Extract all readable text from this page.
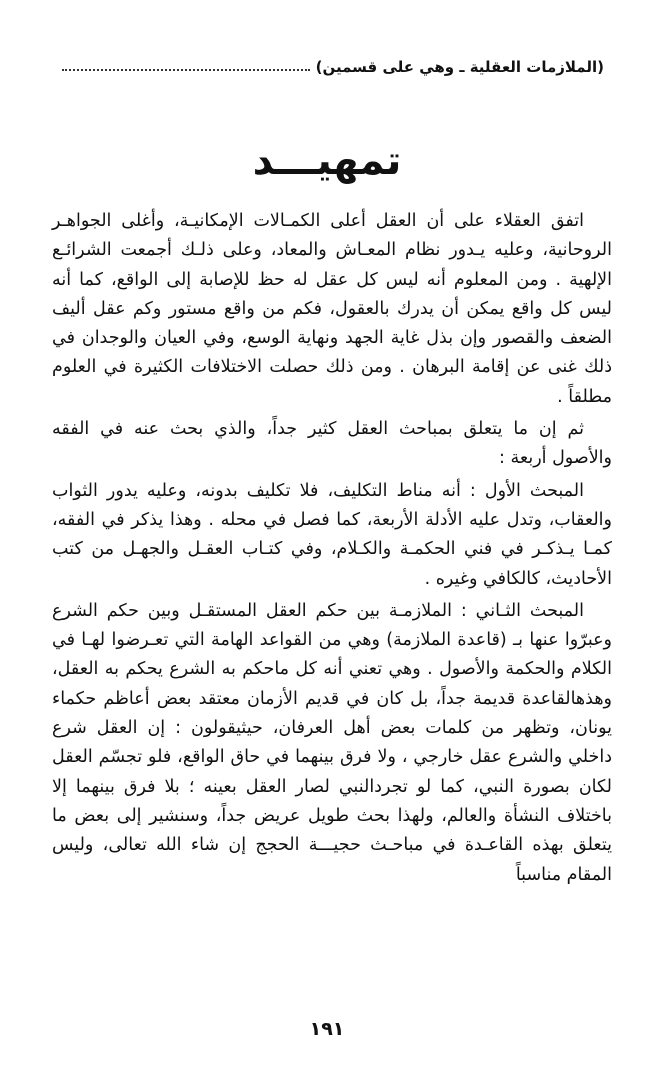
(الملازمات العقلية ـ وهي على قسمين)
تمهيـــد

اتفق العقلاء على أن العقل أعلى الكمـالات الإمكانيـة، وأغلى الجواهـر الروحانية، وعليه يـدور نظام المعـاش والمعاد، وعلى ذلـك أجمعت الشرائـع الإلهية . ومن المعلوم أنه ليس كل عقل له حظ للإصابة إلى الواقع، كما أنه ليس كل واقع يمكن أن يدرك بالعقول، فكم من واقع مستور وكم عقل أليف الضعف والقصور وإن بذل غاية الجهد ونهاية الوسع، وفي العيان والوجدان في ذلك غنى عن إقامة البرهان . ومن ذلك حصلت الاختلافات الكثيرة في العلوم مطلقاً .

ثم إن ما يتعلق بمباحث العقل كثير جداً، والذي بحث عنه في الفقه والأصول أربعة :

المبحث الأول : أنه مناط التكليف، فلا تكليف بدونه، وعليه يدور الثواب والعقاب، وتدل عليه الأدلة الأربعة، كما فصل في محله . وهذا يذكر في الفقه، كمـا يـذكـر في فني الحكمـة والكـلام، وفي كتـاب العقـل والجهـل من كتب الأحاديث، كالكافي وغيره .

المبحث الثـاني : الملازمـة بين حكم العقل المستقـل وبين حكم الشرع وعبرّوا عنها بـ (قاعدة الملازمة) وهي من القواعد الهامة التي تعـرضوا لهـا في الكلام والحكمة والأصول . وهي تعني أنه كل ماحكم به الشرع يحكم به العقل، وهذهالقاعدة قديمة جداً، بل كان في قديم الأزمان معتقد بعض أعاظم حكماء يونان، وتظهر من كلمات بعض أهل العرفان، حيثيقولون : إن العقل شرع داخلي والشرع عقل خارجي ، ولا فرق بينهما في حاق الواقع، فلو تجسّم العقل لكان بصورة النبي، كما لو تجردالنبي لصار العقل بعينه ؛ بلا فرق بينهما إلا باختلاف النشأة والعالم، ولهذا بحث طويل عريض جداً، وسنشير إلى بعض ما يتعلق بهذه القاعـدة في مباحـث حجيـــة الحجج إن شاء الله تعالى، وليس المقام مناسباً

١٩١
